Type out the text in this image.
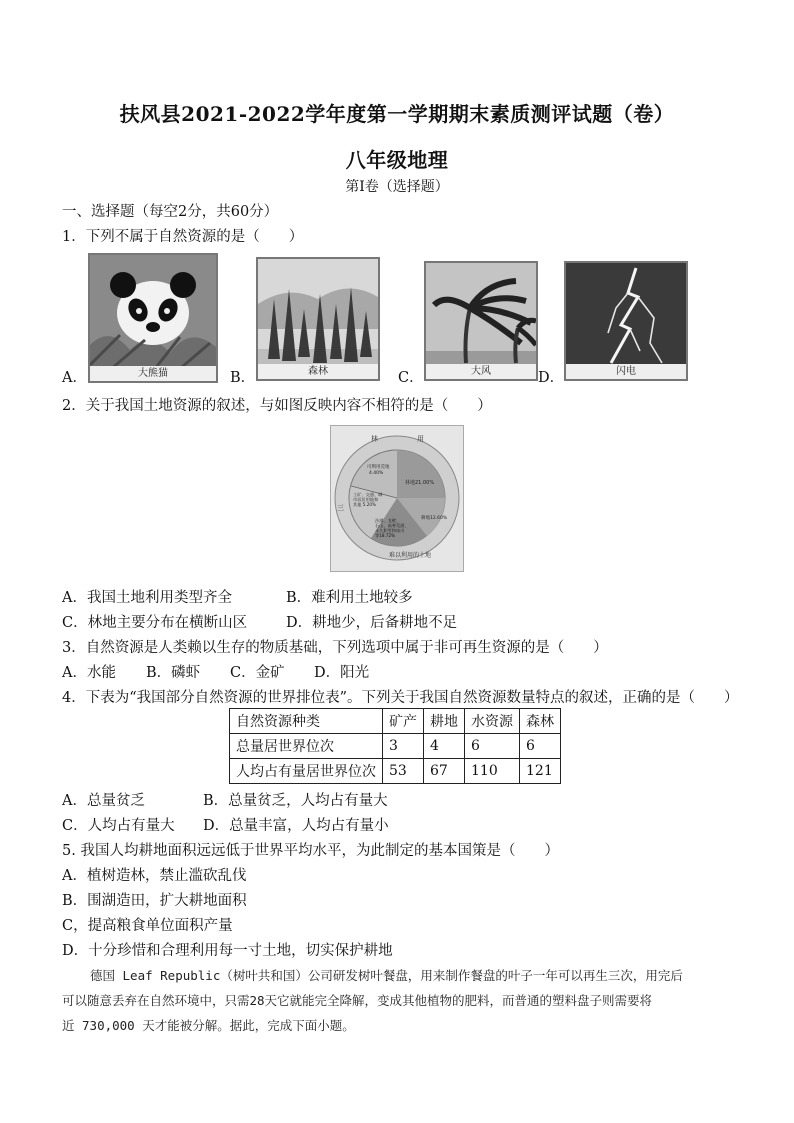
扶风县2021-2022学年度第一学期期末素质测评试题（卷）
八年级地理
第I卷（选择题）
一、选择题（每空2分，共60分）
1．下列不属于自然资源的是（　　）
A．	大熊猫	B．	森林	C．	大风	D．	闪电
2．关于我国土地资源的叙述，与如图反映内容不相符的是（　　）
林	用
三
可利用荒地 4.40%
林地21.00%
工矿、交通、城市居民用地和其他 5.20%
沙漠、戈壁、石山、高寒荒漠、永久积雪和冰川等18.72%
耕地12.60%
难以利用的土地
A．我国土地利用类型齐全	B．难利用土地较多
C．林地主要分布在横断山区	D．耕地少，后备耕地不足
3．自然资源是人类赖以生存的物质基础，下列选项中属于非可再生资源的是（　　）
A．水能 B．磷虾 C．金矿 D．阳光
4．下表为“我国部分自然资源的世界排位表”。下列关于我国自然资源数量特点的叙述，正确的是（　　）
自然资源种类	矿产	耕地	水资源	森林
总量居世界位次	3	4	6	6
人均占有量居世界位次	53	67	110	121
A．总量贫乏	B．总量贫乏，人均占有量大
C．人均占有量大 D．总量丰富，人均占有量小
5. 我国人均耕地面积远远低于世界平均水平，为此制定的基本国策是（　　）
A．植树造林，禁止滥砍乱伐
B．围湖造田，扩大耕地面积
C，提高粮食单位面积产量
D．十分珍惜和合理利用每一寸土地，切实保护耕地
德国 Leaf Republic（树叶共和国）公司研发树叶餐盘，用来制作餐盘的叶子一年可以再生三次，用完后
可以随意丢弃在自然环境中，只需28天它就能完全降解，变成其他植物的肥料，而普通的塑料盘子则需要将
近 730,000 天才能被分解。据此，完成下面小题。
